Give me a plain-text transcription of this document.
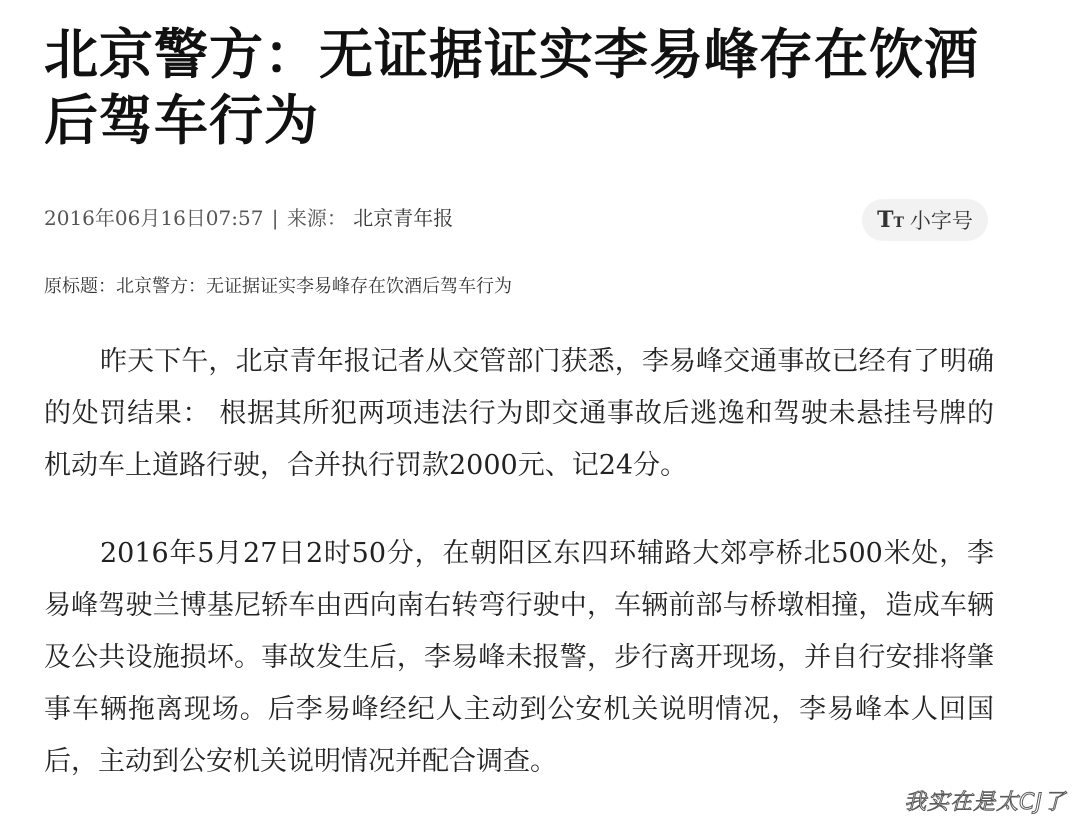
北京警方：无证据证实李易峰存在饮酒后驾车行为
2016年06月16日07:57 | 来源： 北京青年报	T T 小字号
原标题：北京警方：无证据证实李易峰存在饮酒后驾车行为

昨天下午，北京青年报记者从交管部门获悉，李易峰交通事故已经有了明确的处罚结果： 根据其所犯两项违法行为即交通事故后逃逸和驾驶未悬挂号牌的机动车上道路行驶，合并执行罚款2000元、记24分。

2016年5月27日2时50分，在朝阳区东四环辅路大郊亭桥北500米处，李易峰驾驶兰博基尼轿车由西向南右转弯行驶中，车辆前部与桥墩相撞，造成车辆及公共设施损坏。事故发生后，李易峰未报警，步行离开现场，并自行安排将肇事车辆拖离现场。后李易峰经纪人主动到公安机关说明情况，李易峰本人回国后，主动到公安机关说明情况并配合调查。

我实在是太CJ了
